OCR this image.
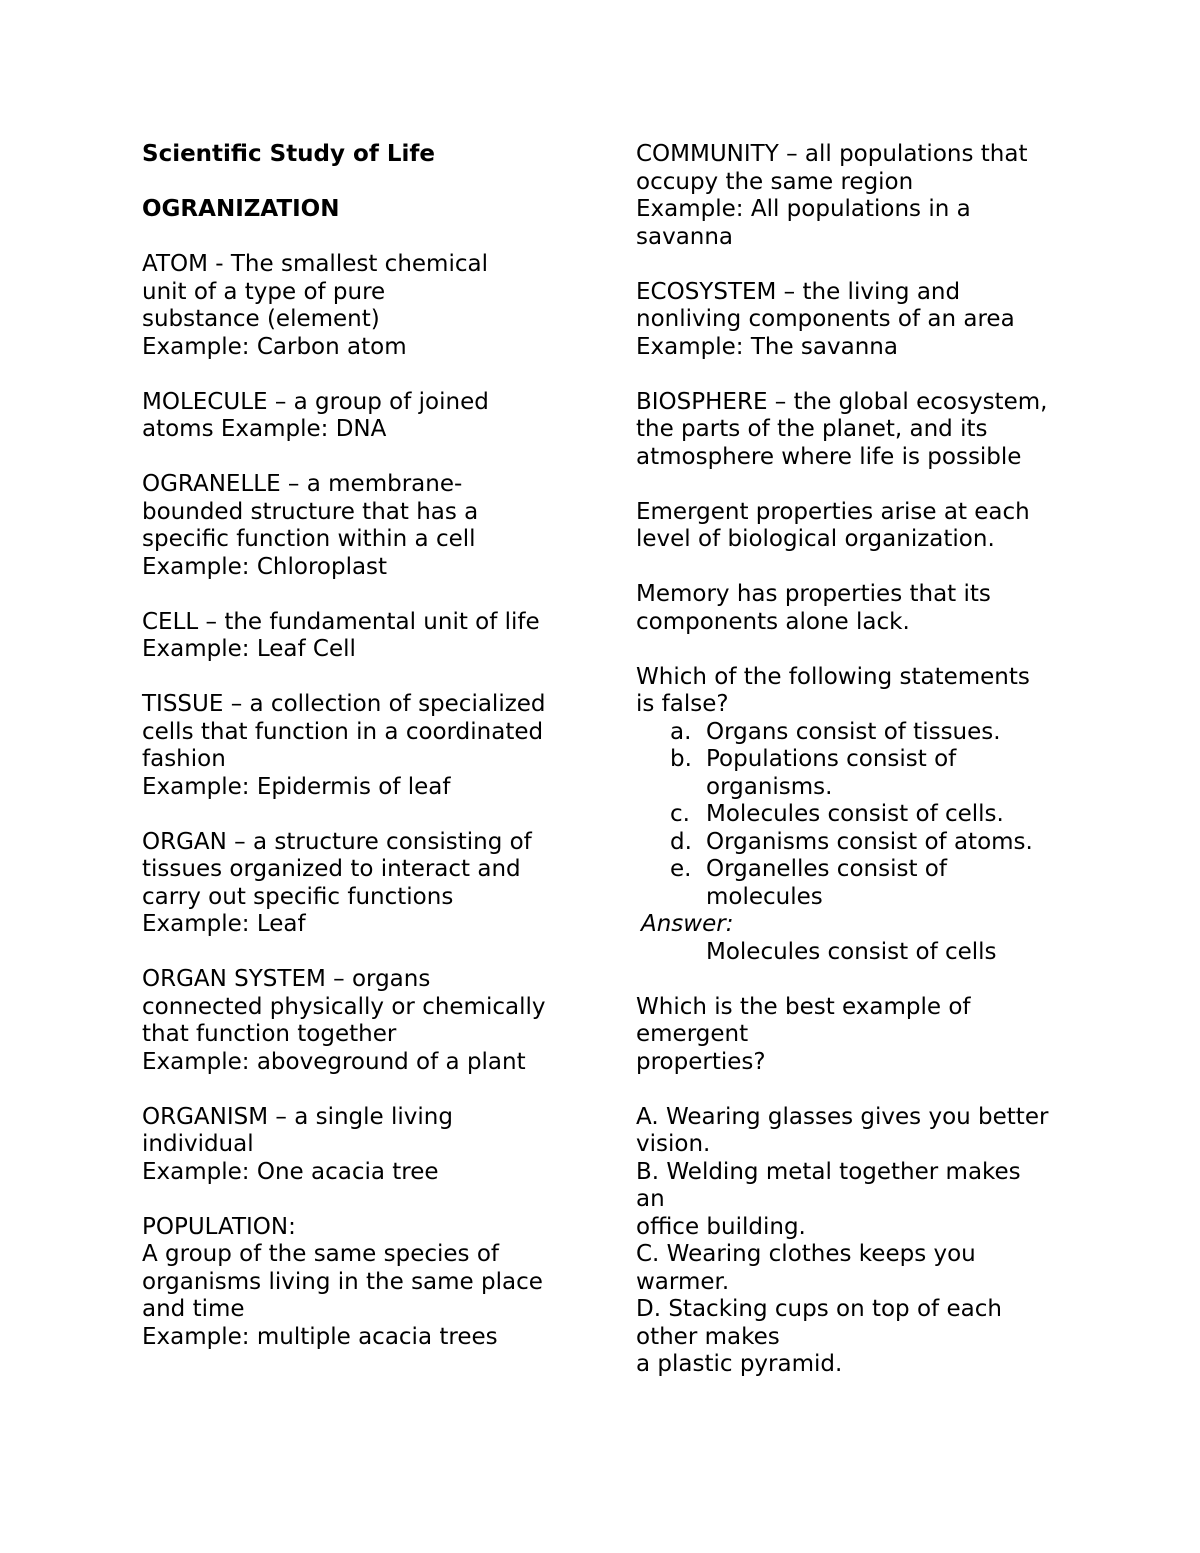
Scientific Study of Life
OGRANIZATION
ATOM - The smallest chemical
unit of a type of pure
substance (element)
Example: Carbon atom
MOLECULE – a group of joined
atoms Example: DNA
OGRANELLE – a membrane-
bounded structure that has a
specific function within a cell
Example: Chloroplast
CELL – the fundamental unit of life
Example: Leaf Cell
TISSUE – a collection of specialized
cells that function in a coordinated
fashion
Example: Epidermis of leaf
ORGAN – a structure consisting of
tissues organized to interact and
carry out specific functions
Example: Leaf
ORGAN SYSTEM – organs
connected physically or chemically
that function together
Example: aboveground of a plant
ORGANISM – a single living
individual
Example: One acacia tree
POPULATION:
A group of the same species of
organisms living in the same place
and time
Example: multiple acacia trees
COMMUNITY – all populations that
occupy the same region
Example: All populations in a
savanna
ECOSYSTEM – the living and
nonliving components of an area
Example: The savanna
BIOSPHERE – the global ecosystem,
the parts of the planet, and its
atmosphere where life is possible
Emergent properties arise at each
level of biological organization.
Memory has properties that its
components alone lack.
Which of the following statements
is false?
a. Organs consist of tissues.
b. Populations consist of
organisms.
c. Molecules consist of cells.
d. Organisms consist of atoms.
e. Organelles consist of
molecules
Answer:
Molecules consist of cells
Which is the best example of
emergent
properties?
A. Wearing glasses gives you better
vision.
B. Welding metal together makes
an
office building.
C. Wearing clothes keeps you
warmer.
D. Stacking cups on top of each
other makes
a plastic pyramid.
